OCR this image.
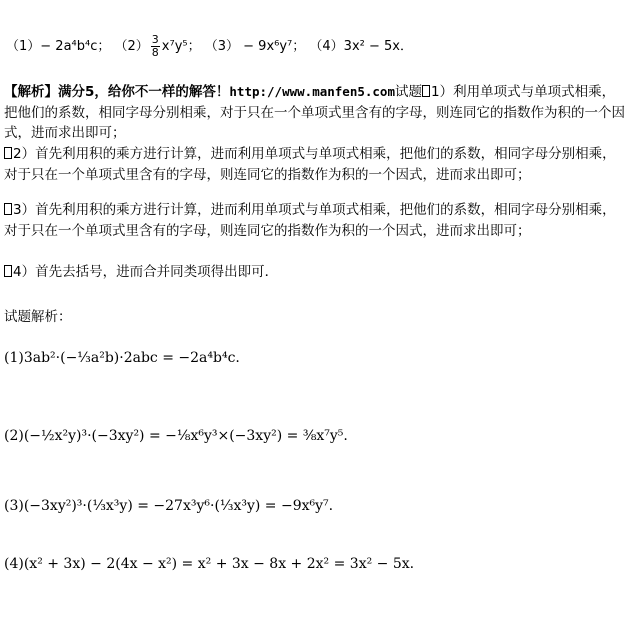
（1）− 2a⁴b⁴c； $(2) \frac{3}{8} x^7y^5$； （3） − 9x⁶y⁷； （4）3x² − 5x．
【解析】满分5，给你不一样的解答！http://www.manfen5.com试题 1）利用单项式与单项式相乘，把他们的系数，相同字母分别相乘，对于只在一个单项式里含有的字母，则连同它的指数作为积的一个因式，进而求出即可；
2）首先利用积的乘方进行计算，进而利用单项式与单项式相乘，把他们的系数，相同字母分别相乘，对于只在一个单项式里含有的字母，则连同它的指数作为积的一个因式，进而求出即可；
3）首先利用积的乘方进行计算，进而利用单项式与单项式相乘，把他们的系数，相同字母分别相乘，对于只在一个单项式里含有的字母，则连同它的指数作为积的一个因式，进而求出即可；
4）首先去括号，进而合并同类项得出即可．
试题解析：
(1)3ab²·(−⅓a²b)·2abc = −2a⁴b⁴c.
(2)(−½x²y)³·(−3xy²) = −⅛x⁶y³×(−3xy²) = ⅜x⁷y⁵.
(3)(−3xy²)³·(⅓x³y) = −27x³y⁶·(⅓x³y) = −9x⁶y⁷.
(4)(x² + 3x) − 2(4x − x²) = x² + 3x − 8x + 2x² = 3x² − 5x.
